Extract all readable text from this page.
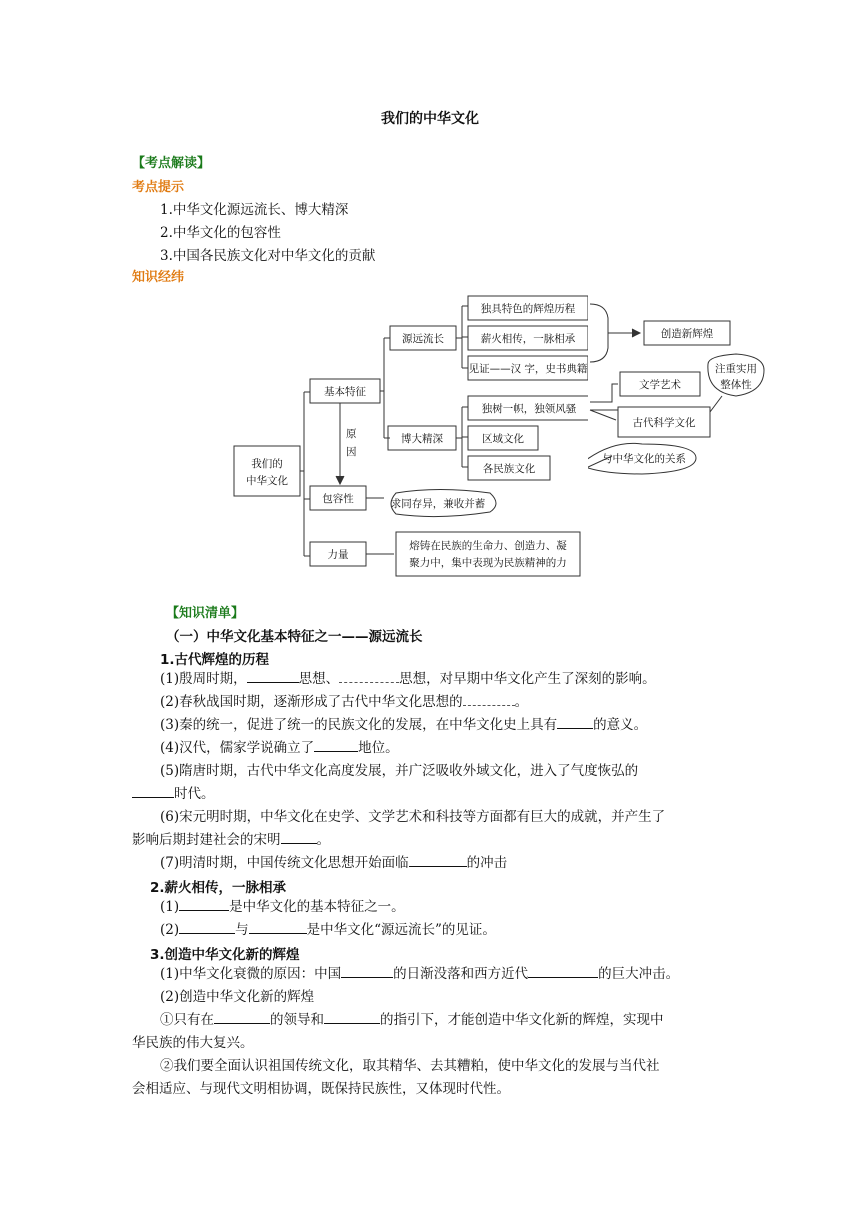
我们的中华文化
【考点解读】
考点提示
1.中华文化源远流长、博大精深
2.中华文化的包容性
3.中国各民族文化对中华文化的贡献
知识经纬
我们的
中华文化
基本特征
原
因
包容性
力量
源远流长
博大精深
独具特色的辉煌历程
薪火相传，一脉相承
见证——汉 字，史书典籍
独树一帜，独领风骚
区域文化
各民族文化
求同存异，兼收并蓄
熔铸在民族的生命力、创造力、凝
聚力中，集中表现为民族精神的力
创造新辉煌
文学艺术
古代科学文化
注重实用
整体性
与中华文化的关系
【知识清单】
（一）中华文化基本特征之一——源远流长
1.古代辉煌的历程
(1)殷周时期，	思想、	思想，对早期中华文化产生了深刻的影响。
(2)春秋战国时期，逐渐形成了古代中华文化思想的	。
(3)秦的统一，促进了统一的民族文化的发展，在中华文化史上具有	的意义。
(4)汉代，儒家学说确立了	地位。
(5)隋唐时期，古代中华文化高度发展，并广泛吸收外域文化，进入了气度恢弘的
时代。
(6)宋元明时期，中华文化在史学、文学艺术和科技等方面都有巨大的成就，并产生了
影响后期封建社会的宋明	。
(7)明清时期，中国传统文化思想开始面临	的冲击
2.薪火相传，一脉相承
(1)	是中华文化的基本特征之一。
(2)	与	是中华文化“源远流长”的见证。
3.创造中华文化新的辉煌
(1)中华文化衰微的原因：中国	的日渐没落和西方近代	的巨大冲击。
(2)创造中华文化新的辉煌
①只有在	的领导和	的指引下，才能创造中华文化新的辉煌，实现中
华民族的伟大复兴。
②我们要全面认识祖国传统文化，取其精华、去其糟粕，使中华文化的发展与当代社
会相适应、与现代文明相协调，既保持民族性，又体现时代性。
